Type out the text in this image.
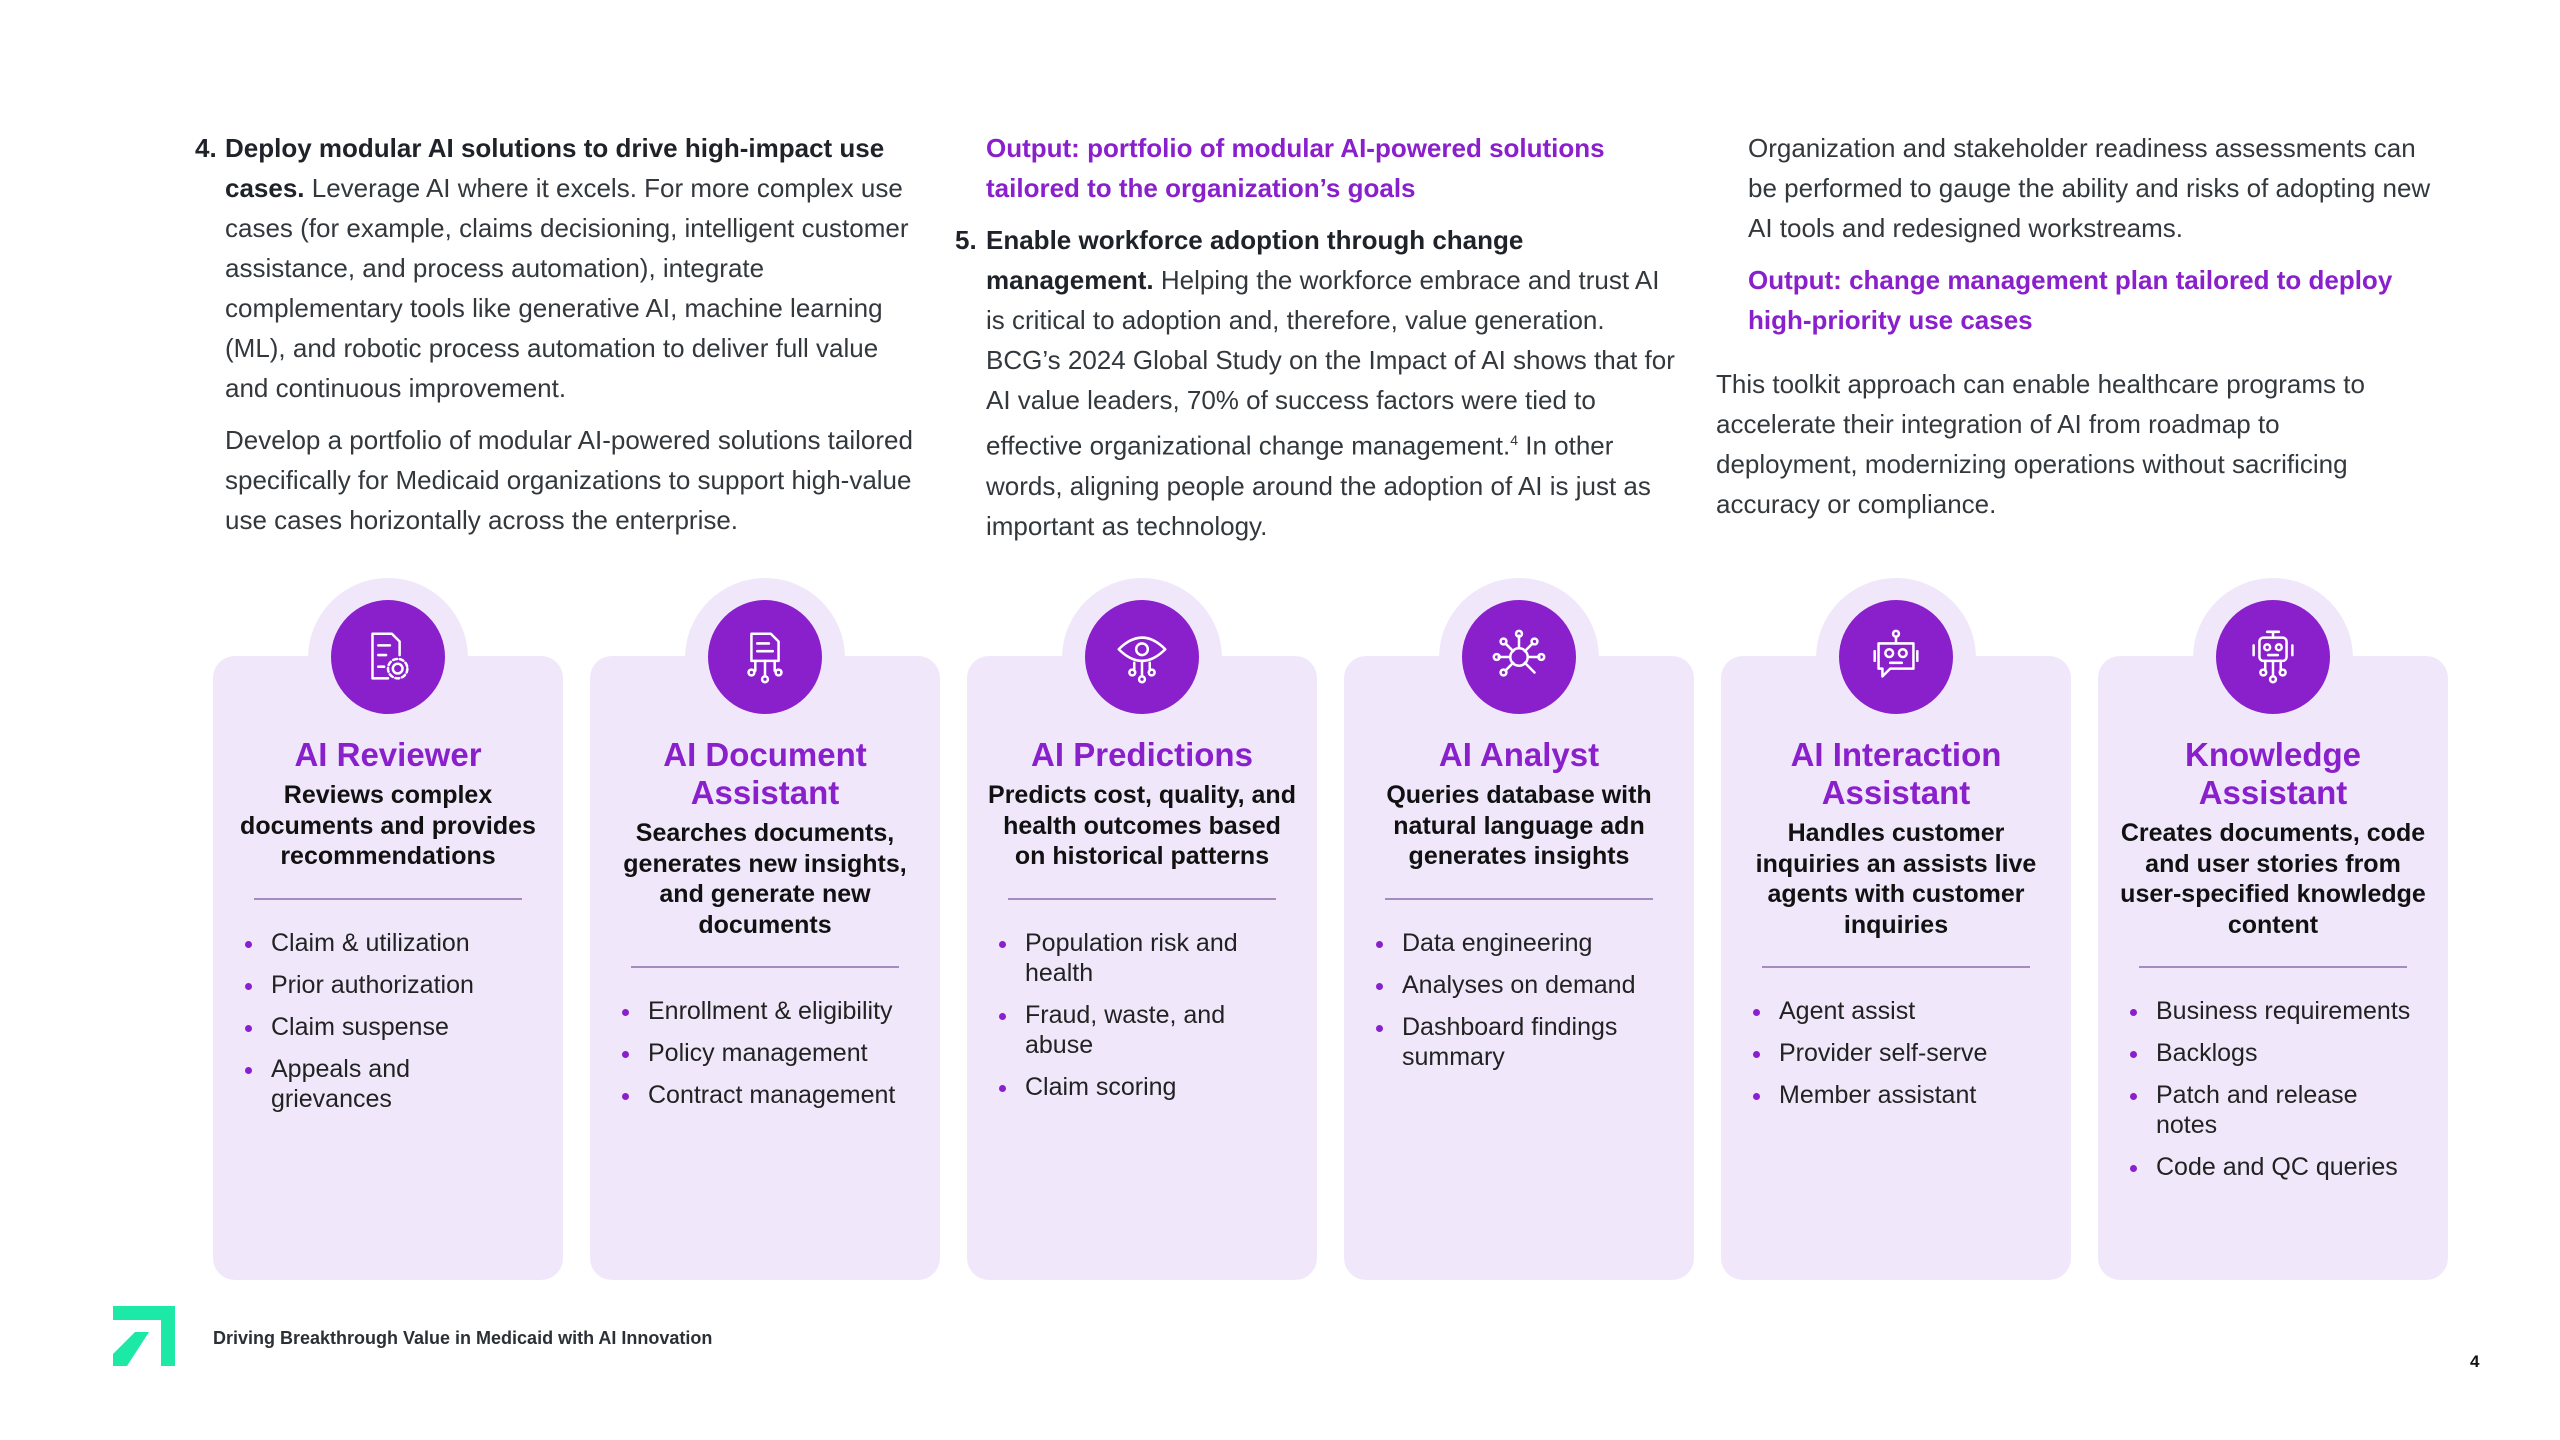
4. Deploy modular AI solutions to drive high-impact use cases. Leverage AI where it excels. For more complex use cases (for example, claims decisioning, intelligent customer assistance, and process automation), integrate complementary tools like generative AI, machine learning (ML), and robotic process automation to deliver full value and continuous improvement.

Develop a portfolio of modular AI-powered solutions tailored specifically for Medicaid organizations to support high-value use cases horizontally across the enterprise.

Output: portfolio of modular AI-powered solutions tailored to the organization’s goals

5. Enable workforce adoption through change management. Helping the workforce embrace and trust AI is critical to adoption and, therefore, value generation. BCG’s 2024 Global Study on the Impact of AI shows that for AI value leaders, 70% of success factors were tied to effective organizational change management.$^4$ In other words, aligning people around the adoption of AI is just as important as technology.

Organization and stakeholder readiness assessments can be performed to gauge the ability and risks of adopting new AI tools and redesigned workstreams.

Output: change management plan tailored to deploy high-priority use cases

This toolkit approach can enable healthcare programs to accelerate their integration of AI from roadmap to deployment, modernizing operations without sacrificing accuracy or compliance.

AI Reviewer
Reviews complex documents and provides recommendations
Claim & utilization
Prior authorization
Claim suspense
Appeals and grievances
AI Document Assistant
Searches documents, generates new insights, and generate new documents
Enrollment & eligibility
Policy management
Contract management
AI Predictions
Predicts cost, quality, and health outcomes based on historical patterns
Population risk and health
Fraud, waste, and abuse
Claim scoring
AI Analyst
Queries database with natural language adn generates insights
Data engineering
Analyses on demand
Dashboard findings summary
AI Interaction Assistant
Handles customer inquiries an assists live agents with customer inquiries
Agent assist
Provider self-serve
Member assistant
Knowledge Assistant
Creates documents, code and user stories from user-specified knowledge content
Business requirements
Backlogs
Patch and release notes
Code and QC queries
Driving Breakthrough Value in Medicaid with AI Innovation
4
